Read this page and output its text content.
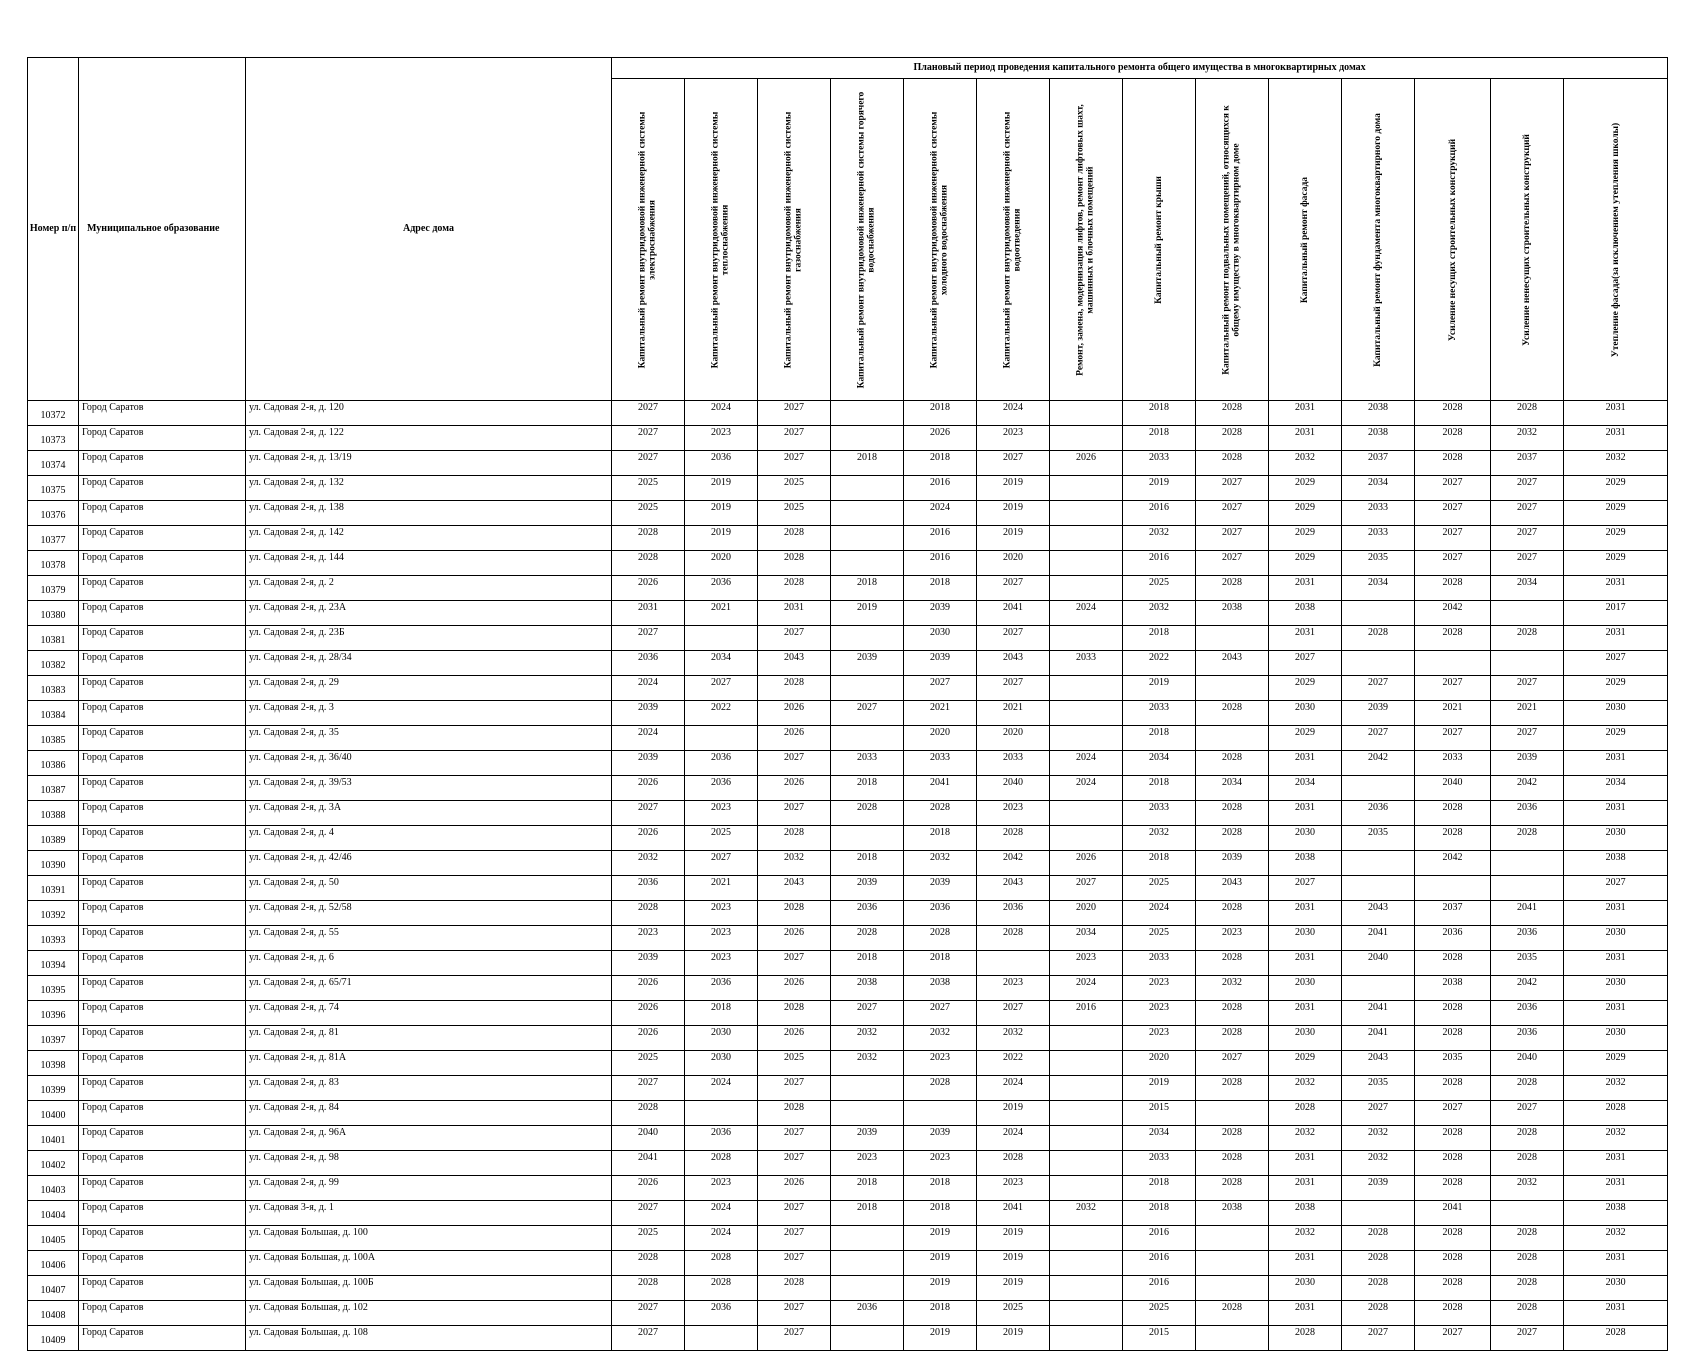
Номер п/п	Муниципальное образование	Адрес дома	Плановый период проведения капитального ремонта общего имущества в многоквартирных домах													

			Капитальный ремонт внутридомовой инженерной системы электроснабжения	Капитальный ремонт внутридомовой инженерной системы теплоснабжения	Капитальный ремонт внутридомовой инженерной системы газоснабжения	Капитальный ремонт внутридомовой инженерной системы горячего водоснабжения	Капитальный ремонт внутридомовой инженерной системы холодного водоснабжения	Капитальный ремонт внутридомовой инженерной системы водоотведения	Ремонт, замена, модернизация лифтов, ремонт лифтовых шахт, машинных и блочных помещений	Капитальный ремонт крыши	Капитальный ремонт подвальных помещений, относящихся к общему имуществу в многоквартирном доме	Капитальный ремонт фасада	Капитальный ремонт фундамента многоквартирного дома	Усиление несущих строительных конструкций	Усиление ненесущих строительных конструкций	Утепление фасада(за исключением утепления школы)

10372	Город Саратов	ул. Садовая 2-я, д. 120	2027	2024	2027		2018	2024		2018	2028	2031	2038	2028	2028	2031
10373	Город Саратов	ул. Садовая 2-я, д. 122	2027	2023	2027		2026	2023		2018	2028	2031	2038	2028	2032	2031
10374	Город Саратов	ул. Садовая 2-я, д. 13/19	2027	2036	2027	2018	2018	2027	2026	2033	2028	2032	2037	2028	2037	2032
10375	Город Саратов	ул. Садовая 2-я, д. 132	2025	2019	2025		2016	2019		2019	2027	2029	2034	2027	2027	2029
10376	Город Саратов	ул. Садовая 2-я, д. 138	2025	2019	2025		2024	2019		2016	2027	2029	2033	2027	2027	2029
10377	Город Саратов	ул. Садовая 2-я, д. 142	2028	2019	2028		2016	2019		2032	2027	2029	2033	2027	2027	2029
10378	Город Саратов	ул. Садовая 2-я, д. 144	2028	2020	2028		2016	2020		2016	2027	2029	2035	2027	2027	2029
10379	Город Саратов	ул. Садовая 2-я, д. 2	2026	2036	2028	2018	2018	2027		2025	2028	2031	2034	2028	2034	2031
10380	Город Саратов	ул. Садовая 2-я, д. 23А	2031	2021	2031	2019	2039	2041	2024	2032	2038	2038		2042		2017
10381	Город Саратов	ул. Садовая 2-я, д. 23Б	2027		2027		2030	2027		2018		2031	2028	2028	2028	2031
10382	Город Саратов	ул. Садовая 2-я, д. 28/34	2036	2034	2043	2039	2039	2043	2033	2022	2043	2027				2027
10383	Город Саратов	ул. Садовая 2-я, д. 29	2024	2027	2028		2027	2027		2019		2029	2027	2027	2027	2029
10384	Город Саратов	ул. Садовая 2-я, д. 3	2039	2022	2026	2027	2021	2021		2033	2028	2030	2039	2021	2021	2030
10385	Город Саратов	ул. Садовая 2-я, д. 35	2024		2026		2020	2020		2018		2029	2027	2027	2027	2029
10386	Город Саратов	ул. Садовая 2-я, д. 36/40	2039	2036	2027	2033	2033	2033	2024	2034	2028	2031	2042	2033	2039	2031
10387	Город Саратов	ул. Садовая 2-я, д. 39/53	2026	2036	2026	2018	2041	2040	2024	2018	2034	2034		2040	2042	2034
10388	Город Саратов	ул. Садовая 2-я, д. 3А	2027	2023	2027	2028	2028	2023		2033	2028	2031	2036	2028	2036	2031
10389	Город Саратов	ул. Садовая 2-я, д. 4	2026	2025	2028		2018	2028		2032	2028	2030	2035	2028	2028	2030
10390	Город Саратов	ул. Садовая 2-я, д. 42/46	2032	2027	2032	2018	2032	2042	2026	2018	2039	2038		2042		2038
10391	Город Саратов	ул. Садовая 2-я, д. 50	2036	2021	2043	2039	2039	2043	2027	2025	2043	2027				2027
10392	Город Саратов	ул. Садовая 2-я, д. 52/58	2028	2023	2028	2036	2036	2036	2020	2024	2028	2031	2043	2037	2041	2031
10393	Город Саратов	ул. Садовая 2-я, д. 55	2023	2023	2026	2028	2028	2028	2034	2025	2023	2030	2041	2036	2036	2030
10394	Город Саратов	ул. Садовая 2-я, д. 6	2039	2023	2027	2018	2018		2023	2033	2028	2031	2040	2028	2035	2031
10395	Город Саратов	ул. Садовая 2-я, д. 65/71	2026	2036	2026	2038	2038	2023	2024	2023	2032	2030		2038	2042	2030
10396	Город Саратов	ул. Садовая 2-я, д. 74	2026	2018	2028	2027	2027	2027	2016	2023	2028	2031	2041	2028	2036	2031
10397	Город Саратов	ул. Садовая 2-я, д. 81	2026	2030	2026	2032	2032	2032		2023	2028	2030	2041	2028	2036	2030
10398	Город Саратов	ул. Садовая 2-я, д. 81А	2025	2030	2025	2032	2023	2022		2020	2027	2029	2043	2035	2040	2029
10399	Город Саратов	ул. Садовая 2-я, д. 83	2027	2024	2027		2028	2024		2019	2028	2032	2035	2028	2028	2032
10400	Город Саратов	ул. Садовая 2-я, д. 84	2028		2028			2019		2015		2028	2027	2027	2027	2028
10401	Город Саратов	ул. Садовая 2-я, д. 96А	2040	2036	2027	2039	2039	2024		2034	2028	2032	2032	2028	2028	2032
10402	Город Саратов	ул. Садовая 2-я, д. 98	2041	2028	2027	2023	2023	2028		2033	2028	2031	2032	2028	2028	2031
10403	Город Саратов	ул. Садовая 2-я, д. 99	2026	2023	2026	2018	2018	2023		2018	2028	2031	2039	2028	2032	2031
10404	Город Саратов	ул. Садовая 3-я, д. 1	2027	2024	2027	2018	2018	2041	2032	2018	2038	2038		2041		2038
10405	Город Саратов	ул. Садовая Большая, д. 100	2025	2024	2027		2019	2019		2016		2032	2028	2028	2028	2032
10406	Город Саратов	ул. Садовая Большая, д. 100А	2028	2028	2027		2019	2019		2016		2031	2028	2028	2028	2031
10407	Город Саратов	ул. Садовая Большая, д. 100Б	2028	2028	2028		2019	2019		2016		2030	2028	2028	2028	2030
10408	Город Саратов	ул. Садовая Большая, д. 102	2027	2036	2027	2036	2018	2025		2025	2028	2031	2028	2028	2028	2031
10409	Город Саратов	ул. Садовая Большая, д. 108	2027		2027		2019	2019		2015		2028	2027	2027	2027	2028
